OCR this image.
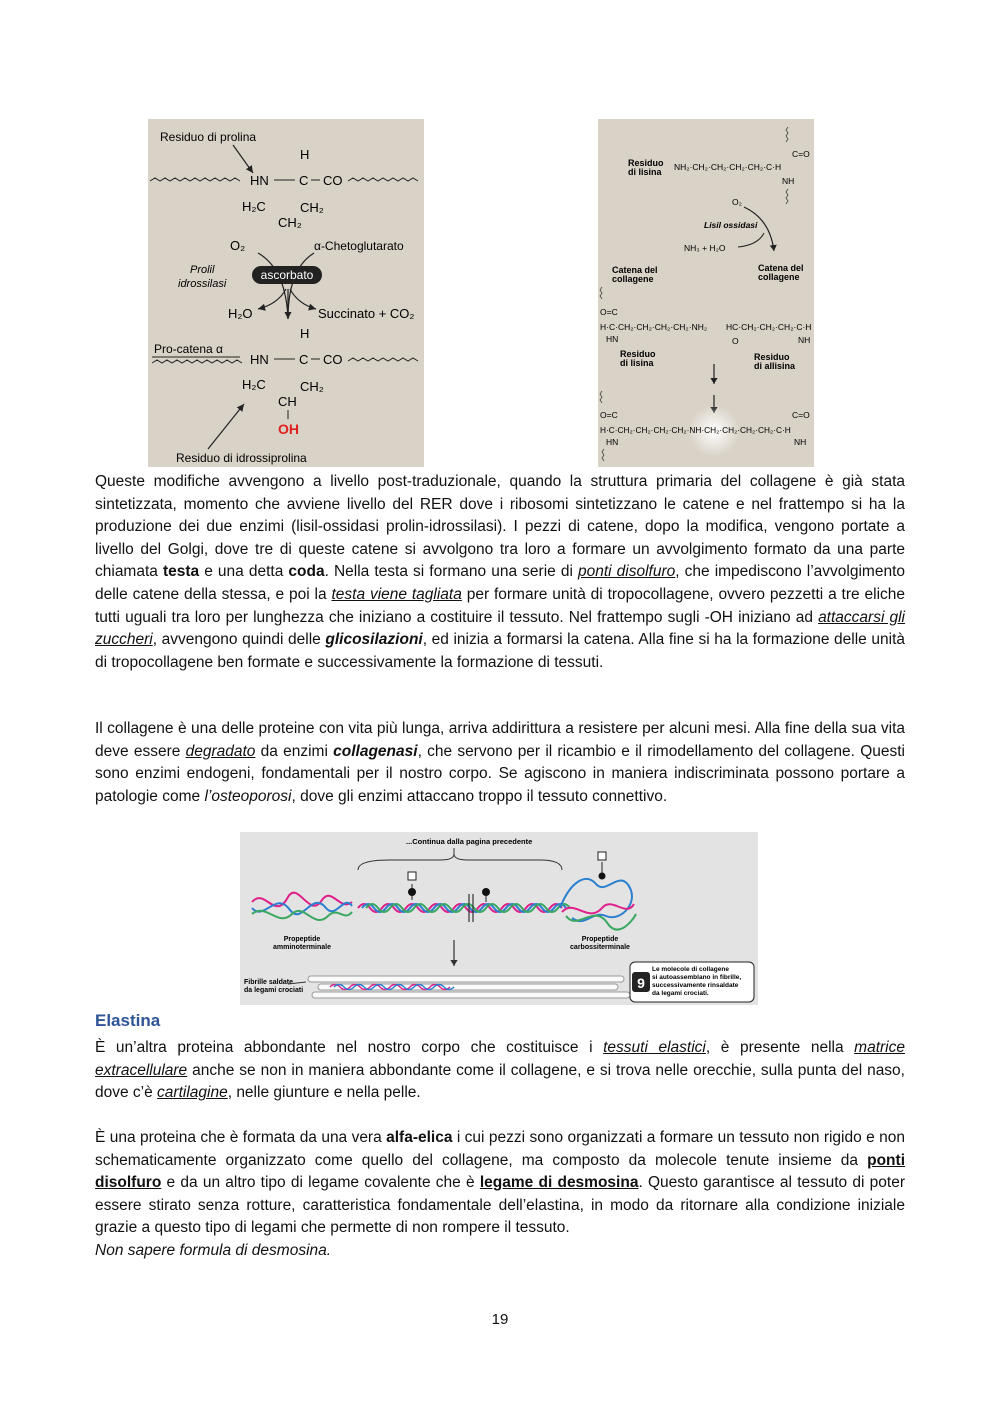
Residuo di prolina
H
HN C CO
H₂C	CH₂
CH₂
O₂	α-Chetoglutarato
Prolil
idrossilasi
ascorbato
H₂O	Succinato + CO₂
H
Pro-catena α
HN C CO
H₂C	CH₂
CH
OH
Residuo di idrossiprolina
C=O
Residuo
di lisina NH₂·CH₂·CH₂·CH₂·CH₂·C·H
NH
O₂
Lisil ossidasi
NH₃ + H₂O
Catena del
collagene
Catena del
collagene
O=C
H·C·CH₂·CH₂·CH₂·CH₂·NH₂ HC·CH₂·CH₂·CH₂·C·H
HN	O	NH
Residuo
di lisina
Residuo
di allisina
O=C	C=O
H·C·CH₂·CH₂·CH₂·CH₂·NH·CH₂·CH₂·CH₂·CH₂·C·H
HN	NH

Queste modifiche avvengono a livello post-traduzionale, quando la struttura primaria del collagene è già stata sintetizzata, momento che avviene livello del RER dove i ribosomi sintetizzano le catene e nel frattempo si ha la produzione dei due enzimi (lisil-ossidasi prolin-idrossilasi). I pezzi di catene, dopo la modifica, vengono portate a livello del Golgi, dove tre di queste catene si avvolgono tra loro a formare un avvolgimento formato da una parte chiamata testa e una detta coda. Nella testa si formano una serie di ponti disolfuro, che impediscono l’avvolgimento delle catene della stessa, e poi la testa viene tagliata per formare unità di tropocollagene, ovvero pezzetti a tre eliche tutti uguali tra loro per lunghezza che iniziano a costituire il tessuto. Nel frattempo sugli -OH iniziano ad attaccarsi gli zuccheri, avvengono quindi delle glicosilazioni, ed inizia a formarsi la catena. Alla fine si ha la formazione delle unità di tropocollagene ben formate e successivamente la formazione di tessuti.

Il collagene è una delle proteine con vita più lunga, arriva addirittura a resistere per alcuni mesi. Alla fine della sua vita deve essere degradato da enzimi collagenasi, che servono per il ricambio e il rimodellamento del collagene. Questi sono enzimi endogeni, fondamentali per il nostro corpo. Se agiscono in maniera indiscriminata possono portare a patologie come l’osteoporosi, dove gli enzimi attaccano troppo il tessuto connettivo.

...Continua dalla pagina precedente
Propeptide
amminoterminale
Propeptide
carbossiterminale
Fibrille saldate
da legami crociati	9
Le molecole di collagene
si autoassemblano in fibrille,
successivamente rinsaldate
da legami crociati.
Elastina

È un’altra proteina abbondante nel nostro corpo che costituisce i tessuti elastici, è presente nella matrice extracellulare anche se non in maniera abbondante come il collagene, e si trova nelle orecchie, sulla punta del naso, dove c’è cartilagine, nelle giunture e nella pelle.

È una proteina che è formata da una vera alfa-elica i cui pezzi sono organizzati a formare un tessuto non rigido e non schematicamente organizzato come quello del collagene, ma composto da molecole tenute insieme da ponti disolfuro e da un altro tipo di legame covalente che è legame di desmosina. Questo garantisce al tessuto di poter essere stirato senza rotture, caratteristica fondamentale dell’elastina, in modo da ritornare alla condizione iniziale grazie a questo tipo di legami che permette di non rompere il tessuto.
Non sapere formula di desmosina.

19
